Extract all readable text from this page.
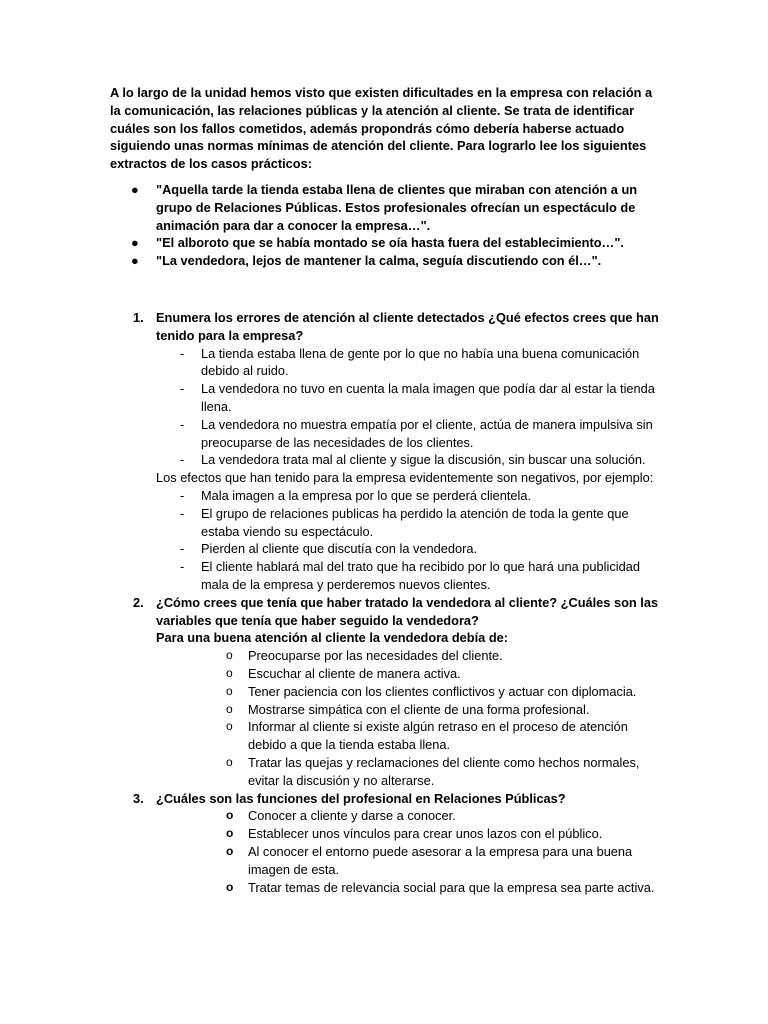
A lo largo de la unidad hemos visto que existen dificultades en la empresa con relación a la comunicación, las relaciones públicas y la atención al cliente. Se trata de identificar cuáles son los fallos cometidos, además propondrás cómo debería haberse actuado siguiendo unas normas mínimas de atención del cliente. Para lograrlo lee los siguientes extractos de los casos prácticos:

● "Aquella tarde la tienda estaba llena de clientes que miraban con atención a un grupo de Relaciones Públicas. Estos profesionales ofrecían un espectáculo de animación para dar a conocer la empresa…".
● "El alboroto que se había montado se oía hasta fuera del establecimiento…".
● "La vendedora, lejos de mantener la calma, seguía discutiendo con él…".
1. Enumera los errores de atención al cliente detectados ¿Qué efectos crees que han tenido para la empresa?
- La tienda estaba llena de gente por lo que no había una buena comunicación debido al ruido.
- La vendedora no tuvo en cuenta la mala imagen que podía dar al estar la tienda llena.
- La vendedora no muestra empatía por el cliente, actúa de manera impulsiva sin preocuparse de las necesidades de los clientes.
- La vendedora trata mal al cliente y sigue la discusión, sin buscar una solución.
Los efectos que han tenido para la empresa evidentemente son negativos, por ejemplo:
- Mala imagen a la empresa por lo que se perderá clientela.
- El grupo de relaciones publicas ha perdido la atención de toda la gente que estaba viendo su espectáculo.
- Pierden al cliente que discutía con la vendedora.
- El cliente hablará mal del trato que ha recibido por lo que hará una publicidad mala de la empresa y perderemos nuevos clientes.
2. ¿Cómo crees que tenía que haber tratado la vendedora al cliente? ¿Cuáles son las variables que tenía que haber seguido la vendedora?
Para una buena atención al cliente la vendedora debía de:
o Preocuparse por las necesidades del cliente.
o Escuchar al cliente de manera activa.
o Tener paciencia con los clientes conflictivos y actuar con diplomacia.
o Mostrarse simpática con el cliente de una forma profesional.
o Informar al cliente si existe algún retraso en el proceso de atención debido a que la tienda estaba llena.
o Tratar las quejas y reclamaciones del cliente como hechos normales, evitar la discusión y no alterarse.
3. ¿Cuáles son las funciones del profesional en Relaciones Públicas?
o Conocer a cliente y darse a conocer.
o Establecer unos vínculos para crear unos lazos con el público.
o Al conocer el entorno puede asesorar a la empresa para una buena imagen de esta.
o Tratar temas de relevancia social para que la empresa sea parte activa.
